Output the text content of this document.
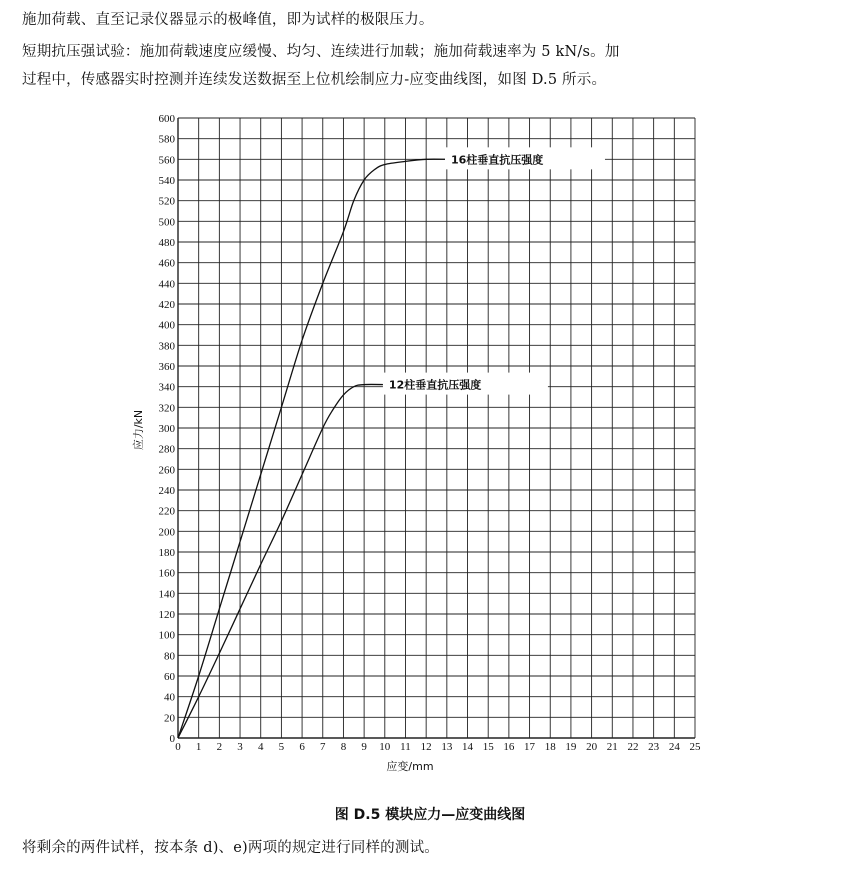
施加荷载、直至记录仪器显示的极峰值，即为试样的极限压力。
短期抗压强试验：施加荷载速度应缓慢、均匀、连续进行加载；施加荷载速率为 5 kN/s。加
过程中，传感器实时控测并连续发送数据至上位机绘制应力-应变曲线图，如图 D.5 所示。
0 1 2 3 4 5 6 7 8 9 10 11 12 13 14 15 16 17 18 19 20 21 22 23 24 25
0
20
40
60
80
100
120
140
160
180
200
220
240
260
280
300
320
340
360
380
400
420
440
460
480
500
520
540
560
580
600
16柱垂直抗压强度
12柱垂直抗压强度
应变/mm
应力/kN
图 D.5 模块应力—应变曲线图
将剩余的两件试样，按本条 d)、e)两项的规定进行同样的测试。
